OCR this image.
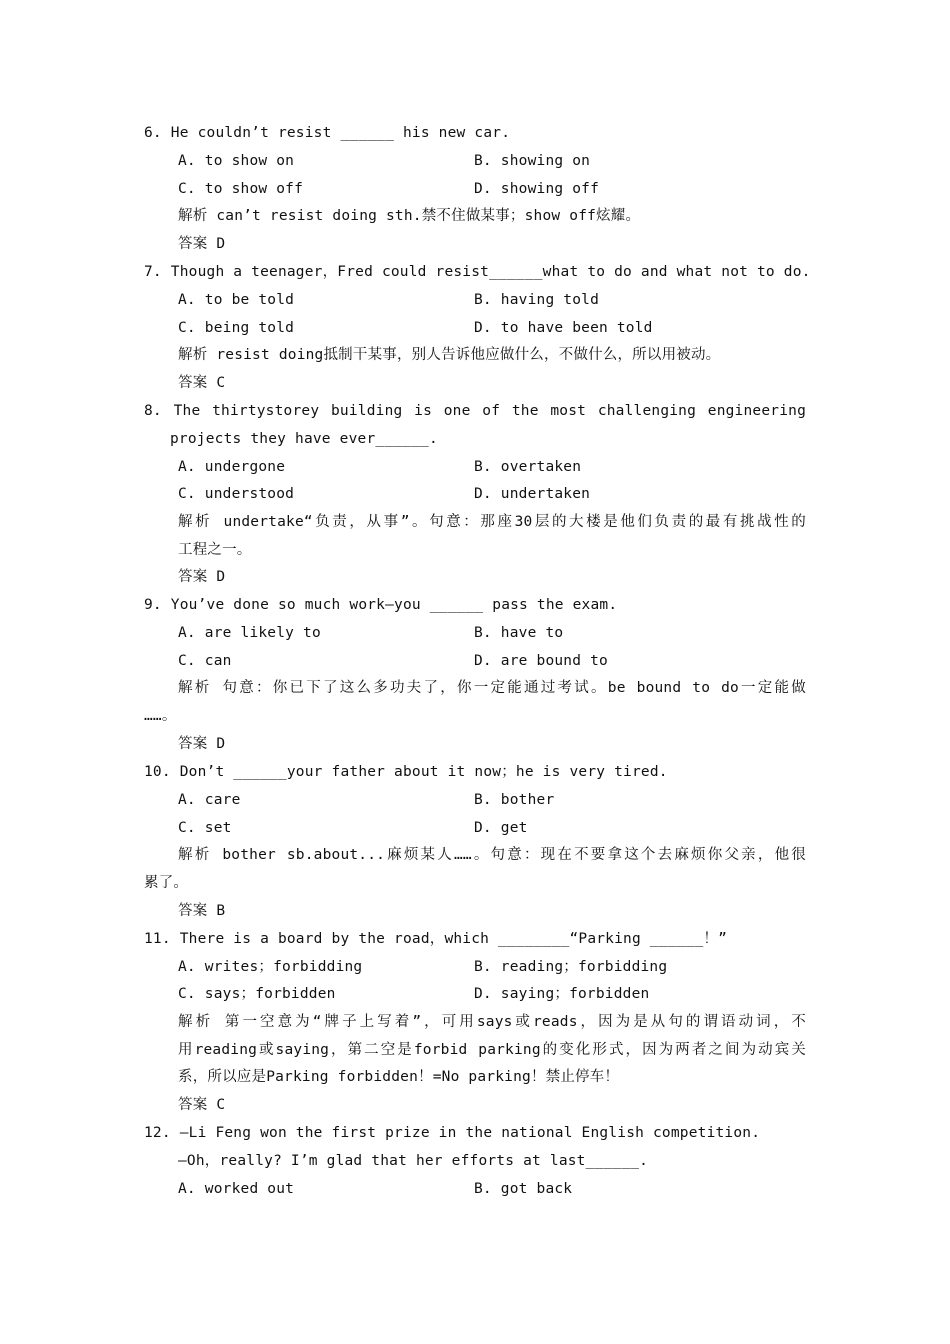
6. He couldn’t resist ______ his new car.
A. to show on	B. showing on
C. to show off	D. showing off
解析 can’t resist doing sth.禁不住做某事；show off炫耀。
答案 D
7. Though a teenager，Fred could resist______what to do and what not to do.
A. to be told	B. having told
C. being told	D. to have been told
解析 resist doing抵制干某事，别人告诉他应做什么，不做什么，所以用被动。
答案 C
8. The thirtystorey building is one of the most challenging engineering
projects they have ever______.
A. undergone	B. overtaken
C. understood	D. undertaken
解析 undertake“负责，从事”。句意：那座30层的大楼是他们负责的最有挑战性的
工程之一。
答案 D
9. You’ve done so much work—you ______ pass the exam.
A. are likely to	B. have to
C. can	D. are bound to
解析 句意：你已下了这么多功夫了，你一定能通过考试。be bound to do一定能做
……。
答案 D
10. Don’t ______your father about it now；he is very tired.
A. care	B. bother
C. set	D. get
解析 bother sb.about...麻烦某人……。句意：现在不要拿这个去麻烦你父亲，他很
累了。
答案 B
11. There is a board by the road，which ________“Parking ______！”
A. writes；forbidding	B. reading；forbidding
C. says；forbidden	D. saying；forbidden
解析 第一空意为“牌子上写着”，可用says或reads，因为是从句的谓语动词，不
用reading或saying，第二空是forbid parking的变化形式，因为两者之间为动宾关
系，所以应是Parking forbidden！=No parking！禁止停车！
答案 C
12. —Li Feng won the first prize in the national English competition.
—Oh，really? I’m glad that her efforts at last______.
A. worked out	B. got back
